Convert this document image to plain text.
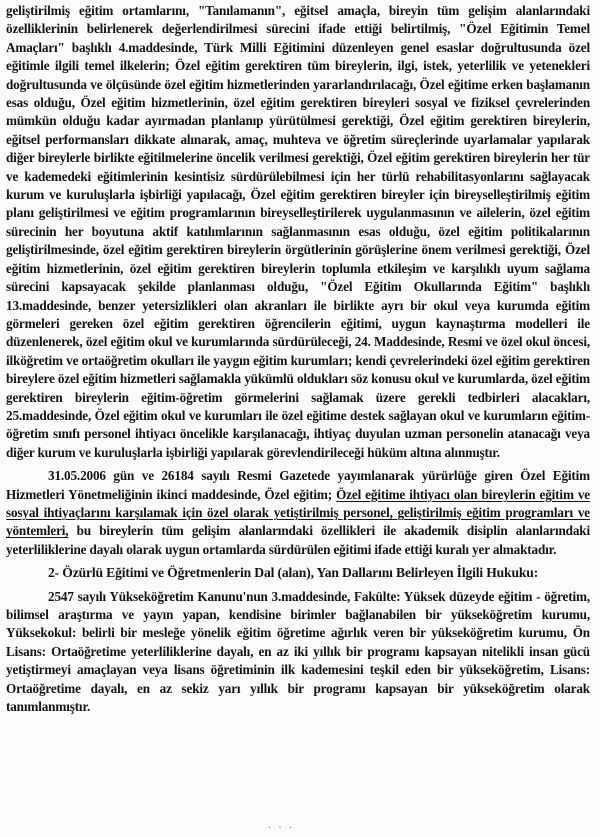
geliştirilmiş eğitim ortamlarını, "Tanılamanın", eğitsel amaçla, bireyin tüm gelişim alanlarındaki özelliklerinin belirlenerek değerlendirilmesi sürecini ifade ettiği belirtilmiş, "Özel Eğitimin Temel Amaçları" başlıklı 4.maddesinde, Türk Milli Eğitimini düzenleyen genel esaslar doğrultusunda özel eğitimle ilgili temel ilkelerin; Özel eğitim gerektiren tüm bireylerin, ilgi, istek, yeterlilik ve yetenekleri doğrultusunda ve ölçüsünde özel eğitim hizmetlerinden yararlandırılacağı, Özel eğitime erken başlamanın esas olduğu, Özel eğitim hizmetlerinin, özel eğitim gerektiren bireyleri sosyal ve fiziksel çevrelerinden mümkün olduğu kadar ayırmadan planlanıp yürütülmesi gerektiği, Özel eğitim gerektiren bireylerin, eğitsel performansları dikkate alınarak, amaç, muhteva ve öğretim süreçlerinde uyarlamalar yapılarak diğer bireylerle birlikte eğitilmelerine öncelik verilmesi gerektiği, Özel eğitim gerektiren bireylerin her tür ve kademedeki eğitimlerinin kesintisiz sürdürülebilmesi için her türlü rehabilitasyonlarını sağlayacak kurum ve kuruluşlarla işbirliği yapılacağı, Özel eğitim gerektiren bireyler için bireyselleştirilmiş eğitim planı geliştirilmesi ve eğitim programlarının bireyselleştirilerek uygulanmasının ve ailelerin, özel eğitim sürecinin her boyutuna aktif katılımlarının sağlanmasının esas olduğu, özel eğitim politikalarının geliştirilmesinde, özel eğitim gerektiren bireylerin örgütlerinin görüşlerine önem verilmesi gerektiği, Özel eğitim hizmetlerinin, özel eğitim gerektiren bireylerin toplumla etkileşim ve karşılıklı uyum sağlama sürecini kapsayacak şekilde planlanması olduğu, "Özel Eğitim Okullarında Eğitim" başlıklı 13.maddesinde, benzer yetersizlikleri olan akranları ile birlikte ayrı bir okul veya kurumda eğitim görmeleri gereken özel eğitim gerektiren öğrencilerin eğitimi, uygun kaynaştırma modelleri ile düzenlenerek, özel eğitim okul ve kurumlarında sürdürüleceği, 24. Maddesinde, Resmi ve özel okul öncesi, ilköğretim ve ortaöğretim okulları ile yaygın eğitim kurumları; kendi çevrelerindeki özel eğitim gerektiren bireylere özel eğitim hizmetleri sağlamakla yükümlü oldukları söz konusu okul ve kurumlarda, özel eğitim gerektiren bireylerin eğitim-öğretim görmelerini sağlamak üzere gerekli tedbirleri alacakları, 25.maddesinde, Özel eğitim okul ve kurumları ile özel eğitime destek sağlayan okul ve kurumların eğitim-öğretim sınıfı personel ihtiyacı öncelikle karşılanacağı, ihtiyaç duyulan uzman personelin atanacağı veya diğer kurum ve kuruluşlarla işbirliği yapılarak görevlendirileceği hüküm altına alınmıştır.

31.05.2006 gün ve 26184 sayılı Resmi Gazetede yayımlanarak yürürlüğe giren Özel Eğitim Hizmetleri Yönetmeliğinin ikinci maddesinde, Özel eğitim; Özel eğitime ihtiyacı olan bireylerin eğitim ve sosyal ihtiyaçlarını karşılamak için özel olarak yetiştirilmiş personel, geliştirilmiş eğitim programları ve yöntemleri, bu bireylerin tüm gelişim alanlarındaki özellikleri ile akademik disiplin alanlarındaki yeterliliklerine dayalı olarak uygun ortamlarda sürdürülen eğitimi ifade ettiği kuralı yer almaktadır.

2- Özürlü Eğitimi ve Öğretmenlerin Dal (alan), Yan Dallarını Belirleyen İlgili Hukuku:

2547 sayılı Yükseköğretim Kanunu'nun 3.maddesinde, Fakülte: Yüksek düzeyde eğitim - öğretim, bilimsel araştırma ve yayın yapan, kendisine birimler bağlanabilen bir yükseköğretim kurumu, Yüksekokul: belirli bir mesleğe yönelik eğitim öğretime ağırlık veren bir yükseköğretim kurumu, Ön Lisans: Ortaöğretime yeterliliklerine dayalı, en az iki yıllık bir programı kapsayan nitelikli insan gücü yetiştirmeyi amaçlayan veya lisans öğretiminin ilk kademesini teşkil eden bir yükseköğretim, Lisans: Ortaöğretime dayalı, en az sekiz yarı yıllık bir programı kapsayan bir yükseköğretim olarak tanımlanmıştır.

. . .
